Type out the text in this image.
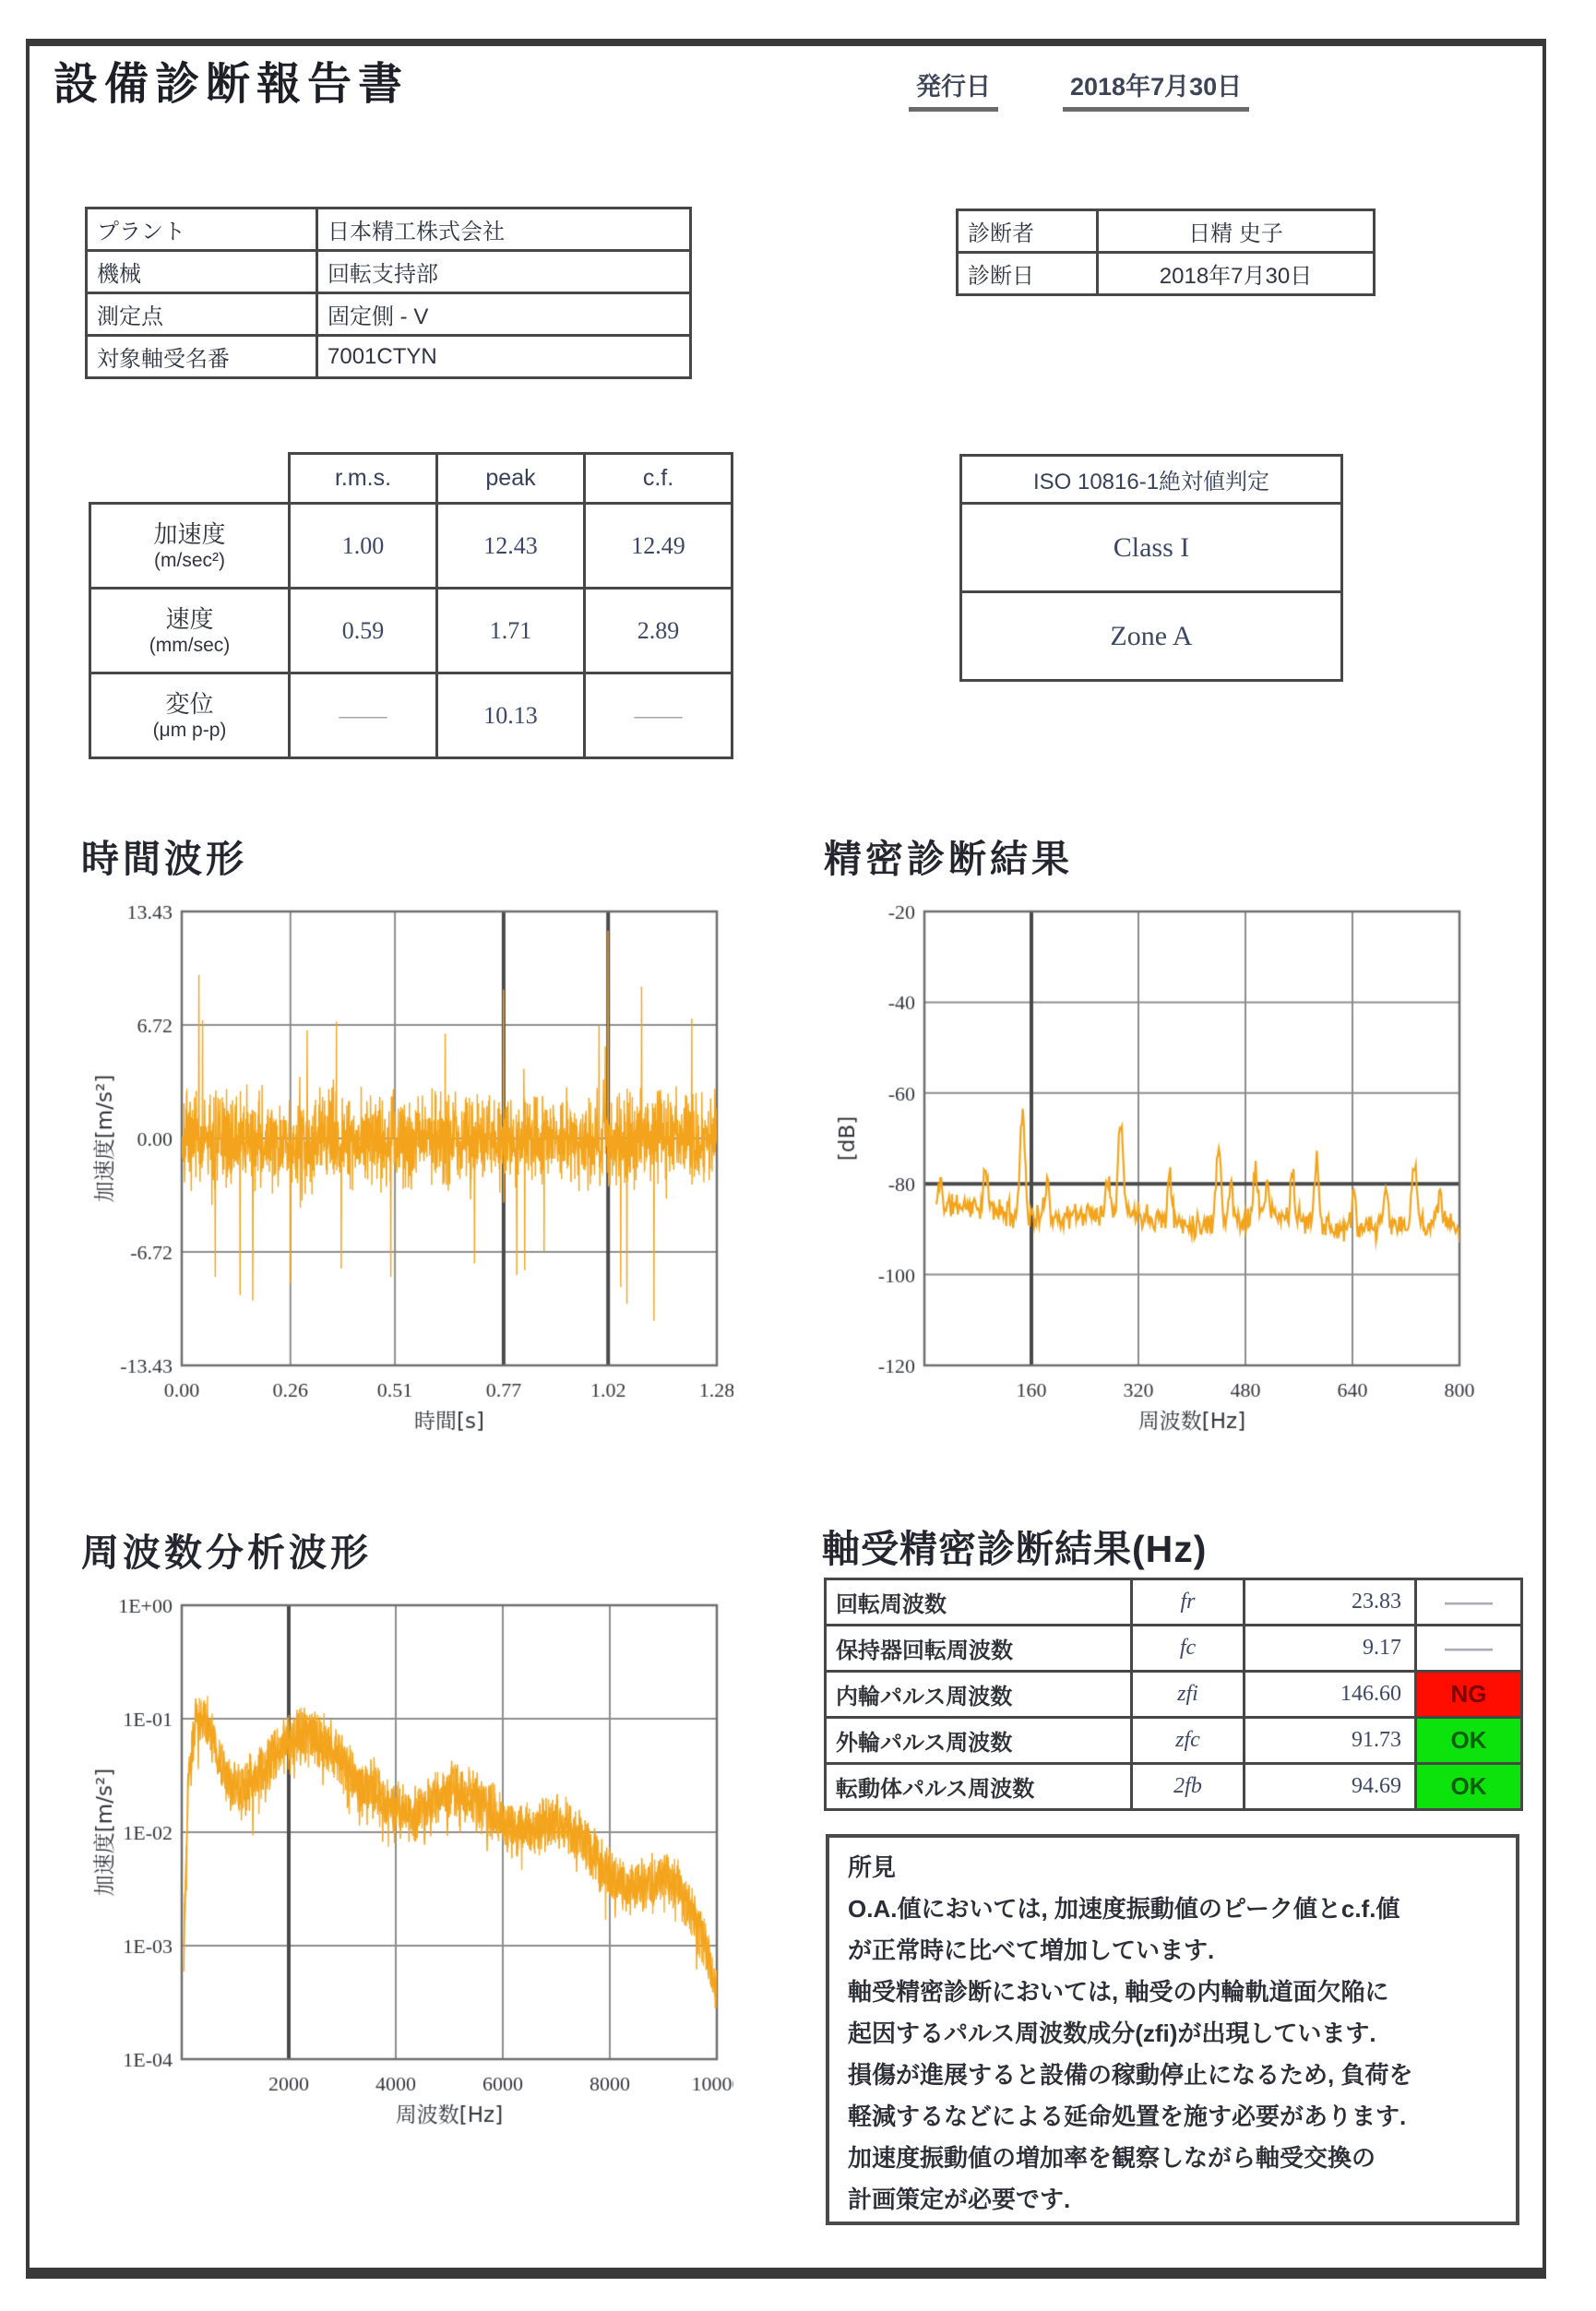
設備診断報告書	発行日	2018年7月30日
プラント	日本精工株式会社
機械	回転支持部
測定点	固定側 - V
対象軸受名番	7001CTYN
診断者	日精 史子
診断日	2018年7月30日
	r.m.s.	peak	c.f.

加速度
(m/sec²)	1.00	12.43	12.49

速度
(mm/sec)	0.59	1.71	2.89

変位
(μm p-p)	――	10.13	――
ISO 10816-1絶対値判定
Class I
Zone A
時間波形	精密診断結果
周波数分析波形	軸受精密診断結果(Hz)
回転周波数	fr	23.83	――
保持器回転周波数	fc	9.17	――
内輪パルス周波数	zfi	146.60	NG
外輪パルス周波数	zfc	91.73	OK
転動体パルス周波数	2fb	94.69	OK
所見
O.A.値においては, 加速度振動値のピーク値とc.f.値
が正常時に比べて増加しています.
軸受精密診断においては, 軸受の内輪軌道面欠陥に
起因するパルス周波数成分(zfi)が出現しています.
損傷が進展すると設備の稼動停止になるため, 負荷を
軽減するなどによる延命処置を施す必要があります.
加速度振動値の増加率を観察しながら軸受交換の
計画策定が必要です.
